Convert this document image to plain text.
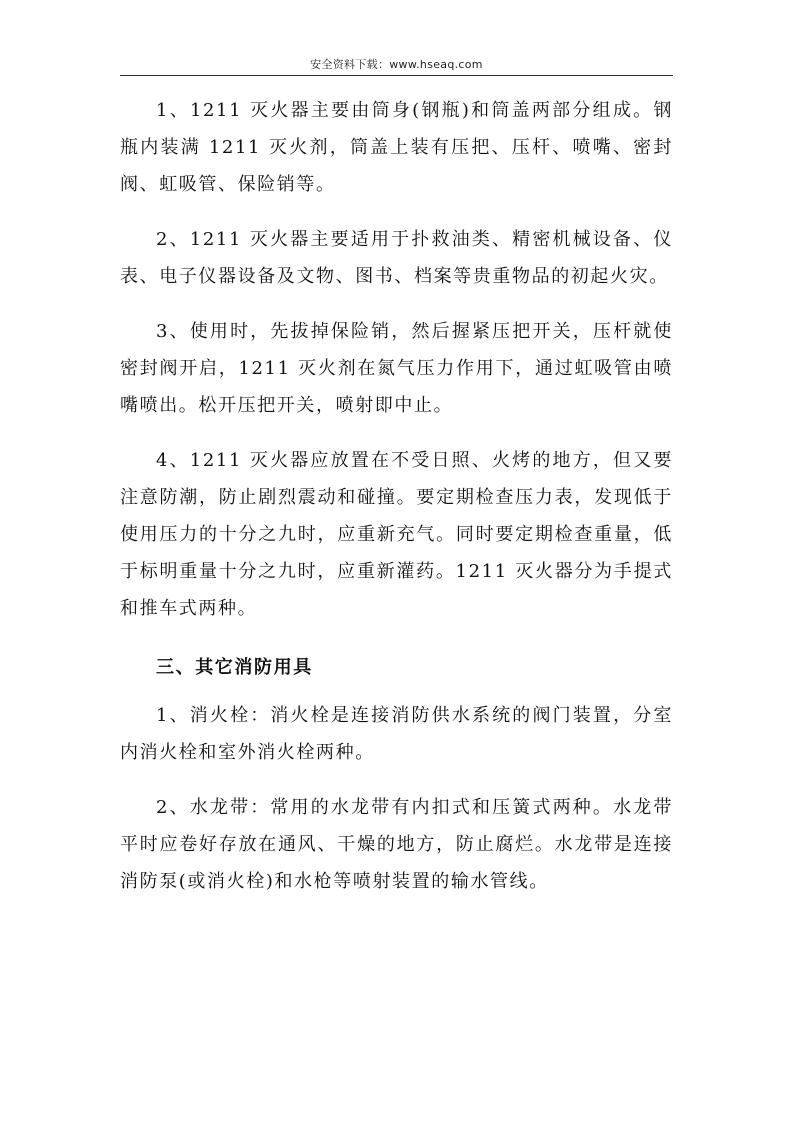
安全资料下载：www.hseaq.com

1、1211 灭火器主要由筒身(钢瓶)和筒盖两部分组成。钢瓶内装满 1211 灭火剂，筒盖上装有压把、压杆、喷嘴、密封阀、虹吸管、保险销等。

2、1211 灭火器主要适用于扑救油类、精密机械设备、仪表、电子仪器设备及文物、图书、档案等贵重物品的初起火灾。

3、使用时，先拔掉保险销，然后握紧压把开关，压杆就使密封阀开启，1211 灭火剂在氮气压力作用下，通过虹吸管由喷嘴喷出。松开压把开关，喷射即中止。

4、1211 灭火器应放置在不受日照、火烤的地方，但又要注意防潮，防止剧烈震动和碰撞。要定期检查压力表，发现低于使用压力的十分之九时，应重新充气。同时要定期检查重量，低于标明重量十分之九时，应重新灌药。1211 灭火器分为手提式和推车式两种。

三、其它消防用具

1、消火栓：消火栓是连接消防供水系统的阀门装置，分室内消火栓和室外消火栓两种。

2、水龙带：常用的水龙带有内扣式和压簧式两种。水龙带平时应卷好存放在通风、干燥的地方，防止腐烂。水龙带是连接消防泵(或消火栓)和水枪等喷射装置的输水管线。
